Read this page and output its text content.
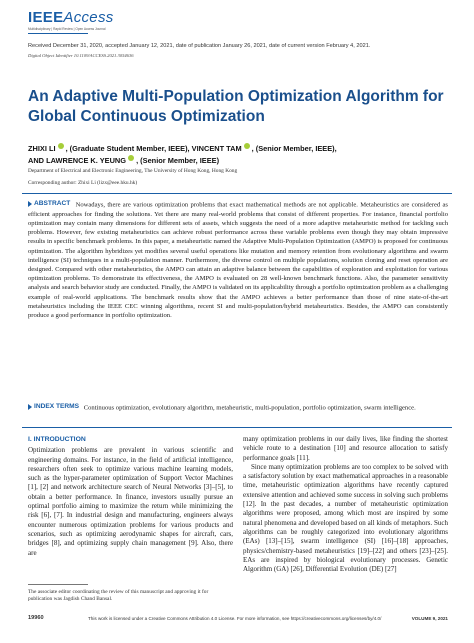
IEEEAccess
Multidisciplinary | Rapid Review | Open Access Journal
Received December 31, 2020, accepted January 12, 2021, date of publication January 26, 2021, date of current version February 4, 2021.
Digital Object Identifier 10.1109/ACCESS.2021.3054636
An Adaptive Multi-Population Optimization Algorithm for Global Continuous Optimization
ZHIXI LI , (Graduate Student Member, IEEE), VINCENT TAM , (Senior Member, IEEE),
AND LAWRENCE K. YEUNG , (Senior Member, IEEE)
Department of Electrical and Electronic Engineering, The University of Hong Kong, Hong Kong
Corresponding author: Zhixi Li (lizx@eee.hku.hk)
ABSTRACT Nowadays, there are various optimization problems that exact mathematical methods are not applicable. Metaheuristics are considered as efficient approaches for finding the solutions. Yet there are many real-world problems that consist of different properties. For instance, financial portfolio optimization may contain many dimensions for different sets of assets, which suggests the need of a more adaptive metaheuristic method for tackling such problems. However, few existing metaheuristics can achieve robust performance across these variable problems even though they may obtain impressive results in specific benchmark problems. In this paper, a metaheuristic named the Adaptive Multi-Population Optimization (AMPO) is proposed for continuous optimization. The algorithm hybridizes yet modifies several useful operations like mutation and memory retention from evolutionary algorithms and swarm intelligence (SI) techniques in a multi-population manner. Furthermore, the diverse control on multiple populations, solution cloning and reset operation are designed. Compared with other metaheuristics, the AMPO can attain an adaptive balance between the capabilities of exploration and exploitation for various optimization problems. To demonstrate its effectiveness, the AMPO is evaluated on 28 well-known benchmark functions. Also, the parameter sensitivity analysis and search behavior study are conducted. Finally, the AMPO is validated on its applicability through a portfolio optimization problem as a challenging example of real-world applications. The benchmark results show that the AMPO achieves a better performance than those of nine state-of-the-art metaheuristics including the IEEE CEC winning algorithms, recent SI and multi-population/hybrid metaheuristics. Besides, the AMPO can consistently produce a good performance in portfolio optimization.
INDEX TERMS Continuous optimization, evolutionary algorithm, metaheuristic, multi-population, portfolio optimization, swarm intelligence.
I. INTRODUCTION
Optimization problems are prevalent in various scientific and engineering domains. For instance, in the field of artificial intelligence, researchers often seek to optimize various machine learning models, such as the hyper-parameter optimization of Support Vector Machines [1], [2] and network architecture search of Neural Networks [3]–[5], to obtain a better performance. In finance, investors usually pursue an optimal portfolio aiming to maximize the return while minimizing the risk [6], [7]. In industrial design and manufacturing, engineers always encounter numerous optimization problems for various products and scenarios, such as optimizing aerodynamic shapes for aircraft, cars, bridges [8], and optimizing supply chain management [9]. Also, there are
many optimization problems in our daily lives, like finding the shortest vehicle route to a destination [10] and resource allocation to satisfy performance goals [11].
Since many optimization problems are too complex to be solved with a satisfactory solution by exact mathematical approaches in a reasonable time, metaheuristic optimization algorithms have recently captured extensive attention and achieved some success in solving such problems [12]. In the past decades, a number of metaheuristic optimization algorithms were proposed, among which most are inspired by some natural phenomena and developed based on all kinds of metaphors. Such algorithms can be roughly categorized into evolutionary algorithms (EAs) [13]–[15], swarm intelligence (SI) [16]–[18] approaches, physics/chemistry-based metaheuristics [19]–[22] and others [23]–[25]. EAs are inspired by biological evolutionary processes. Genetic Algorithm (GA) [26], Differential Evolution (DE) [27]
The associate editor coordinating the review of this manuscript and approving it for publication was Jagdish Chand Bansal.
19960	This work is licensed under a Creative Commons Attribution 4.0 License. For more information, see https://creativecommons.org/licenses/by/4.0/	VOLUME 9, 2021
